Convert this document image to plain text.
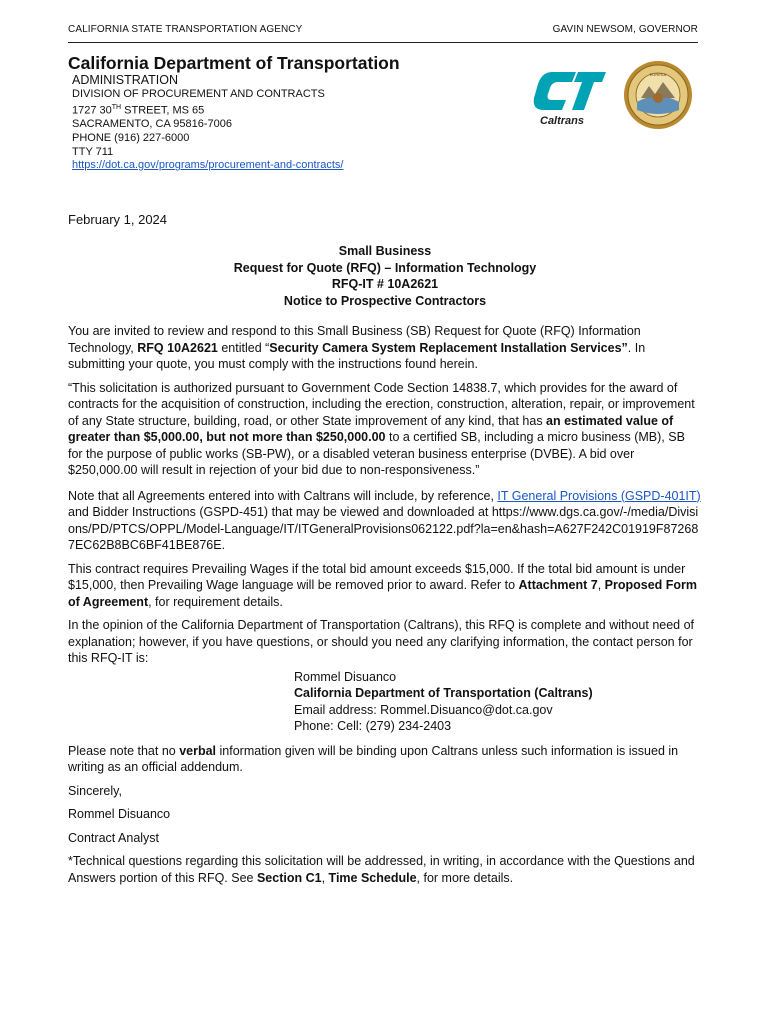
CALIFORNIA STATE TRANSPORTATION AGENCY	GAVIN NEWSOM, GOVERNOR
California Department of Transportation
ADMINISTRATION
DIVISION OF PROCUREMENT AND CONTRACTS
1727 30TH STREET, MS 65
SACRAMENTO, CA 95816-7006
PHONE (916) 227-6000
TTY 711
https://dot.ca.gov/programs/procurement-and-contracts/
Caltrans
EUREKA
February 1, 2024
Small Business
Request for Quote (RFQ) – Information Technology
RFQ-IT # 10A2621
Notice to Prospective Contractors

You are invited to review and respond to this Small Business (SB) Request for Quote (RFQ) Information Technology, RFQ 10A2621 entitled “Security Camera System Replacement Installation Services”. In submitting your quote, you must comply with the instructions found herein.

“This solicitation is authorized pursuant to Government Code Section 14838.7, which provides for the award of contracts for the acquisition of construction, including the erection, construction, alteration, repair, or improvement of any State structure, building, road, or other State improvement of any kind, that has an estimated value of greater than $5,000.00, but not more than $250,000.00 to a certified SB, including a micro business (MB), SB for the purpose of public works (SB-PW), or a disabled veteran business enterprise (DVBE). A bid over $250,000.00 will result in rejection of your bid due to non-responsiveness.”

Note that all Agreements entered into with Caltrans will include, by reference, IT General Provisions (GSPD-401IT) and Bidder Instructions (GSPD-451) that may be viewed and downloaded at https://www.dgs.ca.gov/-/media/Divisions/PD/PTCS/OPPL/Model-Language/IT/ITGeneralProvisions062122.pdf?la=en&hash=A627F242C01919F872687EC62B8BC6BF41BE876E.

This contract requires Prevailing Wages if the total bid amount exceeds $15,000. If the total bid amount is under $15,000, then Prevailing Wage language will be removed prior to award. Refer to Attachment 7, Proposed Form of Agreement, for requirement details.

In the opinion of the California Department of Transportation (Caltrans), this RFQ is complete and without need of explanation; however, if you have questions, or should you need any clarifying information, the contact person for this RFQ-IT is:

Rommel Disuanco
California Department of Transportation (Caltrans)
Email address: Rommel.Disuanco@dot.ca.gov
Phone: Cell: (279) 234-2403

Please note that no verbal information given will be binding upon Caltrans unless such information is issued in writing as an official addendum.

Sincerely,

Rommel Disuanco

Contract Analyst

*Technical questions regarding this solicitation will be addressed, in writing, in accordance with the Questions and Answers portion of this RFQ. See Section C1, Time Schedule, for more details.
